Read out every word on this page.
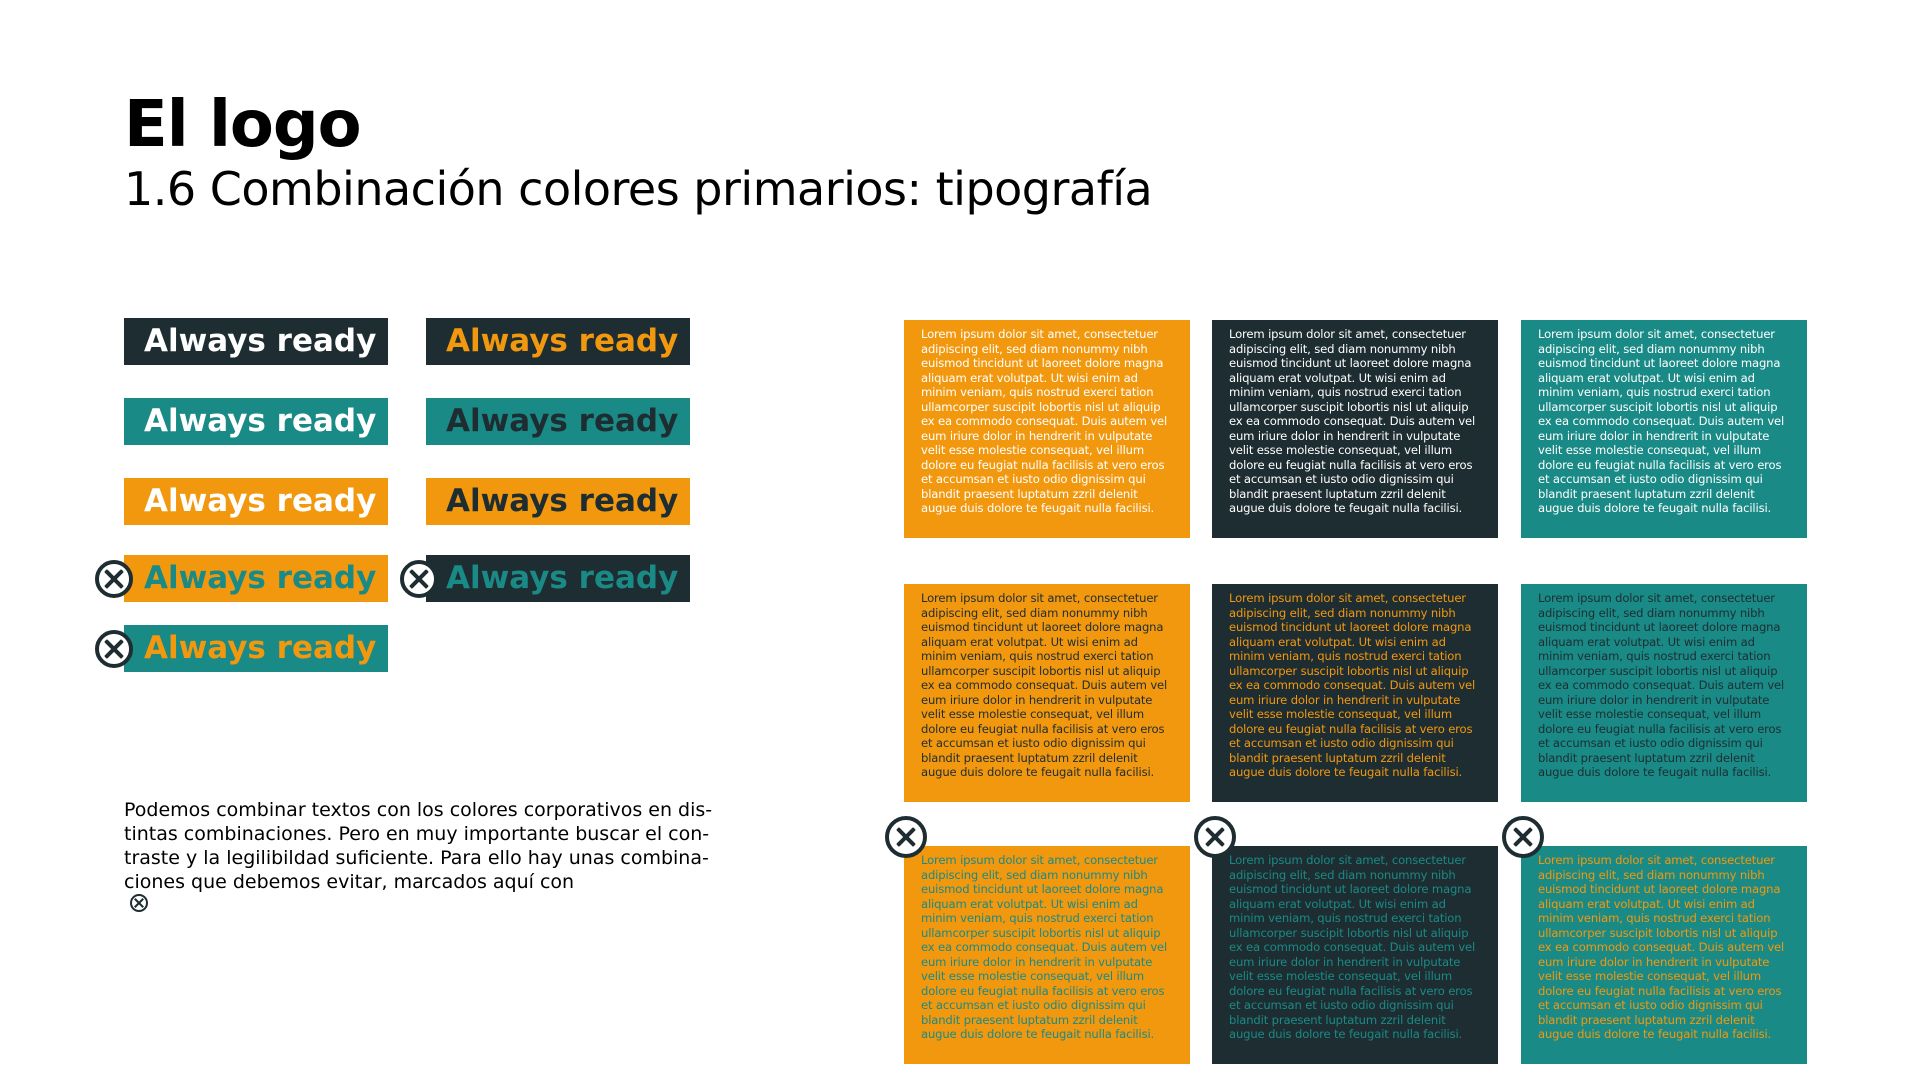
El logo
1.6 Combinación colores primarios: tipografía
Always ready	Always ready
Always ready	Always ready
Always ready	Always ready
Always ready	Always ready
Always ready
Podemos combinar textos con los colores corporativos en dis-
tintas combinaciones. Pero en muy importante buscar el con-
traste y la legilibildad suficiente. Para ello hay unas combina-
ciones que debemos evitar, marcados aquí con

Lorem ipsum dolor sit amet, consectetuer
adipiscing elit, sed diam nonummy nibh
euismod tincidunt ut laoreet dolore magna
aliquam erat volutpat. Ut wisi enim ad
minim veniam, quis nostrud exerci tation
ullamcorper suscipit lobortis nisl ut aliquip
ex ea commodo consequat. Duis autem vel
eum iriure dolor in hendrerit in vulputate
velit esse molestie consequat, vel illum
dolore eu feugiat nulla facilisis at vero eros
et accumsan et iusto odio dignissim qui
blandit praesent luptatum zzril delenit
augue duis dolore te feugait nulla facilisi.

Lorem ipsum dolor sit amet, consectetuer
adipiscing elit, sed diam nonummy nibh
euismod tincidunt ut laoreet dolore magna
aliquam erat volutpat. Ut wisi enim ad
minim veniam, quis nostrud exerci tation
ullamcorper suscipit lobortis nisl ut aliquip
ex ea commodo consequat. Duis autem vel
eum iriure dolor in hendrerit in vulputate
velit esse molestie consequat, vel illum
dolore eu feugiat nulla facilisis at vero eros
et accumsan et iusto odio dignissim qui
blandit praesent luptatum zzril delenit
augue duis dolore te feugait nulla facilisi.

Lorem ipsum dolor sit amet, consectetuer
adipiscing elit, sed diam nonummy nibh
euismod tincidunt ut laoreet dolore magna
aliquam erat volutpat. Ut wisi enim ad
minim veniam, quis nostrud exerci tation
ullamcorper suscipit lobortis nisl ut aliquip
ex ea commodo consequat. Duis autem vel
eum iriure dolor in hendrerit in vulputate
velit esse molestie consequat, vel illum
dolore eu feugiat nulla facilisis at vero eros
et accumsan et iusto odio dignissim qui
blandit praesent luptatum zzril delenit
augue duis dolore te feugait nulla facilisi.

Lorem ipsum dolor sit amet, consectetuer
adipiscing elit, sed diam nonummy nibh
euismod tincidunt ut laoreet dolore magna
aliquam erat volutpat. Ut wisi enim ad
minim veniam, quis nostrud exerci tation
ullamcorper suscipit lobortis nisl ut aliquip
ex ea commodo consequat. Duis autem vel
eum iriure dolor in hendrerit in vulputate
velit esse molestie consequat, vel illum
dolore eu feugiat nulla facilisis at vero eros
et accumsan et iusto odio dignissim qui
blandit praesent luptatum zzril delenit
augue duis dolore te feugait nulla facilisi.

Lorem ipsum dolor sit amet, consectetuer
adipiscing elit, sed diam nonummy nibh
euismod tincidunt ut laoreet dolore magna
aliquam erat volutpat. Ut wisi enim ad
minim veniam, quis nostrud exerci tation
ullamcorper suscipit lobortis nisl ut aliquip
ex ea commodo consequat. Duis autem vel
eum iriure dolor in hendrerit in vulputate
velit esse molestie consequat, vel illum
dolore eu feugiat nulla facilisis at vero eros
et accumsan et iusto odio dignissim qui
blandit praesent luptatum zzril delenit
augue duis dolore te feugait nulla facilisi.

Lorem ipsum dolor sit amet, consectetuer
adipiscing elit, sed diam nonummy nibh
euismod tincidunt ut laoreet dolore magna
aliquam erat volutpat. Ut wisi enim ad
minim veniam, quis nostrud exerci tation
ullamcorper suscipit lobortis nisl ut aliquip
ex ea commodo consequat. Duis autem vel
eum iriure dolor in hendrerit in vulputate
velit esse molestie consequat, vel illum
dolore eu feugiat nulla facilisis at vero eros
et accumsan et iusto odio dignissim qui
blandit praesent luptatum zzril delenit
augue duis dolore te feugait nulla facilisi.

Lorem ipsum dolor sit amet, consectetuer
adipiscing elit, sed diam nonummy nibh
euismod tincidunt ut laoreet dolore magna
aliquam erat volutpat. Ut wisi enim ad
minim veniam, quis nostrud exerci tation
ullamcorper suscipit lobortis nisl ut aliquip
ex ea commodo consequat. Duis autem vel
eum iriure dolor in hendrerit in vulputate
velit esse molestie consequat, vel illum
dolore eu feugiat nulla facilisis at vero eros
et accumsan et iusto odio dignissim qui
blandit praesent luptatum zzril delenit
augue duis dolore te feugait nulla facilisi.

Lorem ipsum dolor sit amet, consectetuer
adipiscing elit, sed diam nonummy nibh
euismod tincidunt ut laoreet dolore magna
aliquam erat volutpat. Ut wisi enim ad
minim veniam, quis nostrud exerci tation
ullamcorper suscipit lobortis nisl ut aliquip
ex ea commodo consequat. Duis autem vel
eum iriure dolor in hendrerit in vulputate
velit esse molestie consequat, vel illum
dolore eu feugiat nulla facilisis at vero eros
et accumsan et iusto odio dignissim qui
blandit praesent luptatum zzril delenit
augue duis dolore te feugait nulla facilisi.

Lorem ipsum dolor sit amet, consectetuer
adipiscing elit, sed diam nonummy nibh
euismod tincidunt ut laoreet dolore magna
aliquam erat volutpat. Ut wisi enim ad
minim veniam, quis nostrud exerci tation
ullamcorper suscipit lobortis nisl ut aliquip
ex ea commodo consequat. Duis autem vel
eum iriure dolor in hendrerit in vulputate
velit esse molestie consequat, vel illum
dolore eu feugiat nulla facilisis at vero eros
et accumsan et iusto odio dignissim qui
blandit praesent luptatum zzril delenit
augue duis dolore te feugait nulla facilisi.
